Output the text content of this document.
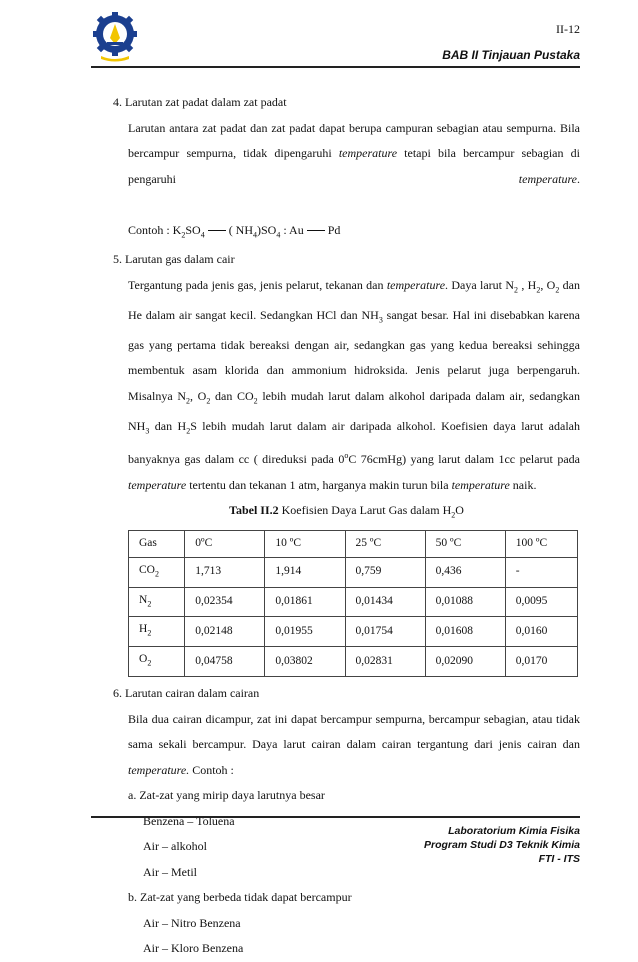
II-12
BAB II Tinjauan Pustaka

4. Larutan zat padat dalam zat padat

Larutan antara zat padat dan zat padat dapat berupa campuran sebagian atau sempurna. Bila bercampur sempurna, tidak dipengaruhi temperature tetapi bila bercampur sebagian di pengaruhi temperature.

Contoh : $K_2SO_4$ ( $NH_4)SO_4$ : Au Pd

5. Larutan gas dalam cair

Tergantung pada jenis gas, jenis pelarut, tekanan dan temperature. Daya larut $N_2$ , $H_2$, $O_2$ dan He dalam air sangat kecil. Sedangkan HCl dan $NH_3$ sangat besar. Hal ini disebabkan karena gas yang pertama tidak bereaksi dengan air, sedangkan gas yang kedua bereaksi sehingga membentuk asam klorida dan ammonium hidroksida. Jenis pelarut juga berpengaruh. Misalnya $N_2$, $O_2$ dan $CO_2$ lebih mudah larut dalam alkohol daripada dalam air, sedangkan $NH_3$ dan $H_2S$ lebih mudah larut dalam air daripada alkohol. Koefisien daya larut adalah banyaknya gas dalam cc ( direduksi pada 0$^o$C 76cmHg) yang larut dalam 1cc pelarut pada temperature tertentu dan tekanan 1 atm, harganya makin turun bila temperature naik.

Tabel II.2 Koefisien Daya Larut Gas dalam $H_2O$

Gas	0ºC	10 ºC	25 ºC	50 ºC	100 ºC
$CO_2$	1,713	1,914	0,759	0,436	-
$N_2$	0,02354	0,01861	0,01434	0,01088	0,0095
$H_2$	0,02148	0,01955	0,01754	0,01608	0,0160
$O_2$	0,04758	0,03802	0,02831	0,02090	0,0170

6. Larutan cairan dalam cairan

Bila dua cairan dicampur, zat ini dapat bercampur sempurna, bercampur sebagian, atau tidak sama sekali bercampur. Daya larut cairan dalam cairan tergantung dari jenis cairan dan temperature. Contoh :

a. Zat-zat yang mirip daya larutnya besar

Benzena – Toluena

Air – alkohol

Air – Metil

b. Zat-zat yang berbeda tidak dapat bercampur

Air – Nitro Benzena

Air – Kloro Benzena

Laboratorium Kimia Fisika
Program Studi D3 Teknik Kimia
FTI - ITS
